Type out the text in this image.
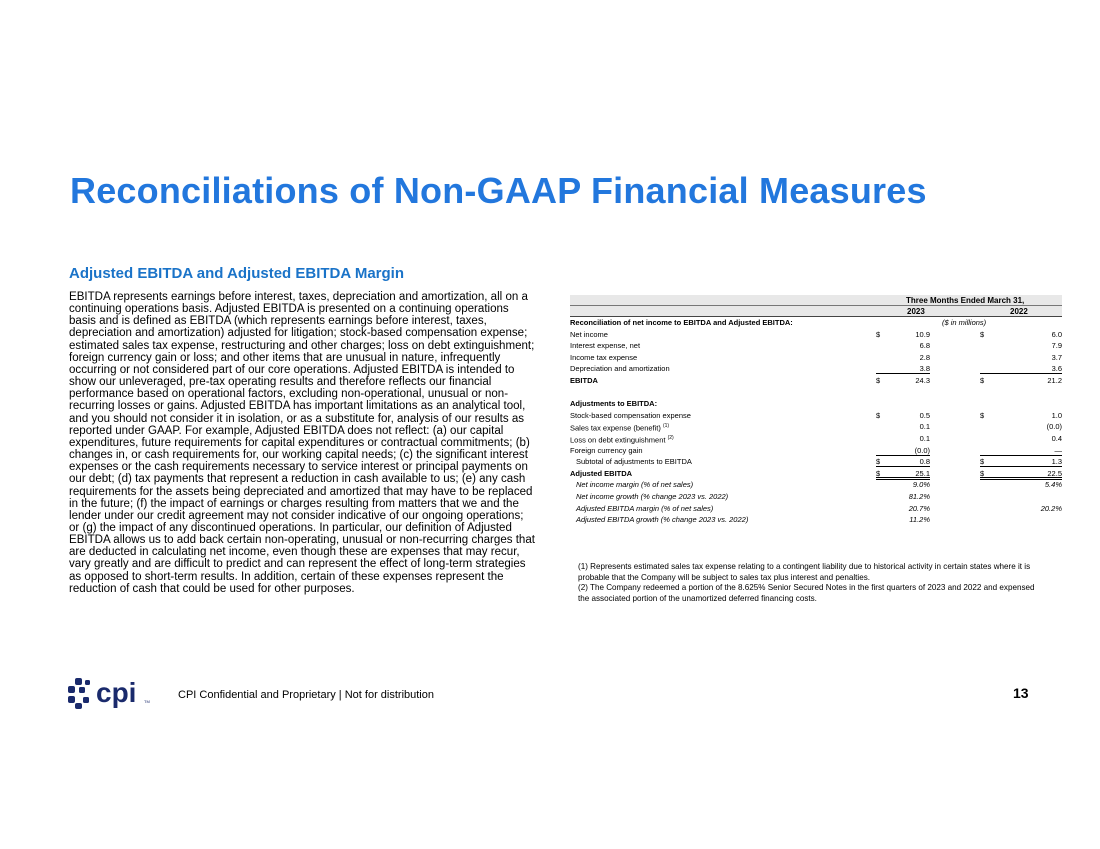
Reconciliations of Non-GAAP Financial Measures
Adjusted EBITDA and Adjusted EBITDA Margin

EBITDA represents earnings before interest, taxes, depreciation and amortization, all on a continuing operations basis. Adjusted EBITDA is presented on a continuing operations basis and is defined as EBITDA (which represents earnings before interest, taxes, depreciation and amortization) adjusted for litigation; stock-based compensation expense; estimated sales tax expense, restructuring and other charges; loss on debt extinguishment; foreign currency gain or loss; and other items that are unusual in nature, infrequently occurring or not considered part of our core operations. Adjusted EBITDA is intended to show our unleveraged, pre-tax operating results and therefore reflects our financial performance based on operational factors, excluding non-operational, unusual or non-recurring losses or gains. Adjusted EBITDA has important limitations as an analytical tool, and you should not consider it in isolation, or as a substitute for, analysis of our results as reported under GAAP. For example, Adjusted EBITDA does not reflect: (a) our capital expenditures, future requirements for capital expenditures or contractual commitments; (b) changes in, or cash requirements for, our working capital needs; (c) the significant interest expenses or the cash requirements necessary to service interest or principal payments on our debt; (d) tax payments that represent a reduction in cash available to us; (e) any cash requirements for the assets being depreciated and amortized that may have to be replaced in the future; (f) the impact of earnings or charges resulting from matters that we and the lender under our credit agreement may not consider indicative of our ongoing operations; or (g) the impact of any discontinued operations. In particular, our definition of Adjusted EBITDA allows us to add back certain non-operating, unusual or non-recurring charges that are deducted in calculating net income, even though these are expenses that may recur, vary greatly and are difficult to predict and can represent the effect of long-term strategies as opposed to short-term results. In addition, certain of these expenses represent the reduction of cash that could be used for other purposes.

Three Months Ended March 31,
2023	2022
Reconciliation of net income to EBITDA and Adjusted EBITDA:	($ in millions)
Net income	$	10.9	$	6.0
Interest expense, net	6.8	7.9
Income tax expense	2.8	3.7
Depreciation and amortization	3.8	3.6
EBITDA	$	24.3	$	21.2
Adjustments to EBITDA:
Stock-based compensation expense	$	0.5	$	1.0
Sales tax expense (benefit) $^{(1)}$	0.1	(0.0)
Loss on debt extinguishment $^{(2)}$	0.1	0.4
Foreign currency gain	(0.0)	—
Subtotal of adjustments to EBITDA	$	0.8	$	1.3
Adjusted EBITDA	$	25.1	$	22.5
Net income margin (% of net sales)	9.0%	5.4%
Net income growth (% change 2023 vs. 2022)	81.2%
Adjusted EBITDA margin (% of net sales)	20.7%	20.2%
Adjusted EBITDA growth (% change 2023 vs. 2022)	11.2%
(1) Represents estimated sales tax expense relating to a contingent liability due to historical activity in certain states where it is probable that the Company will be subject to sales tax plus interest and penalties.
(2) The Company redeemed a portion of the 8.625% Senior Secured Notes in the first quarters of 2023 and 2022 and expensed the associated portion of the unamortized deferred financing costs.
cpi TM
CPI Confidential and Proprietary | Not for distribution	13
